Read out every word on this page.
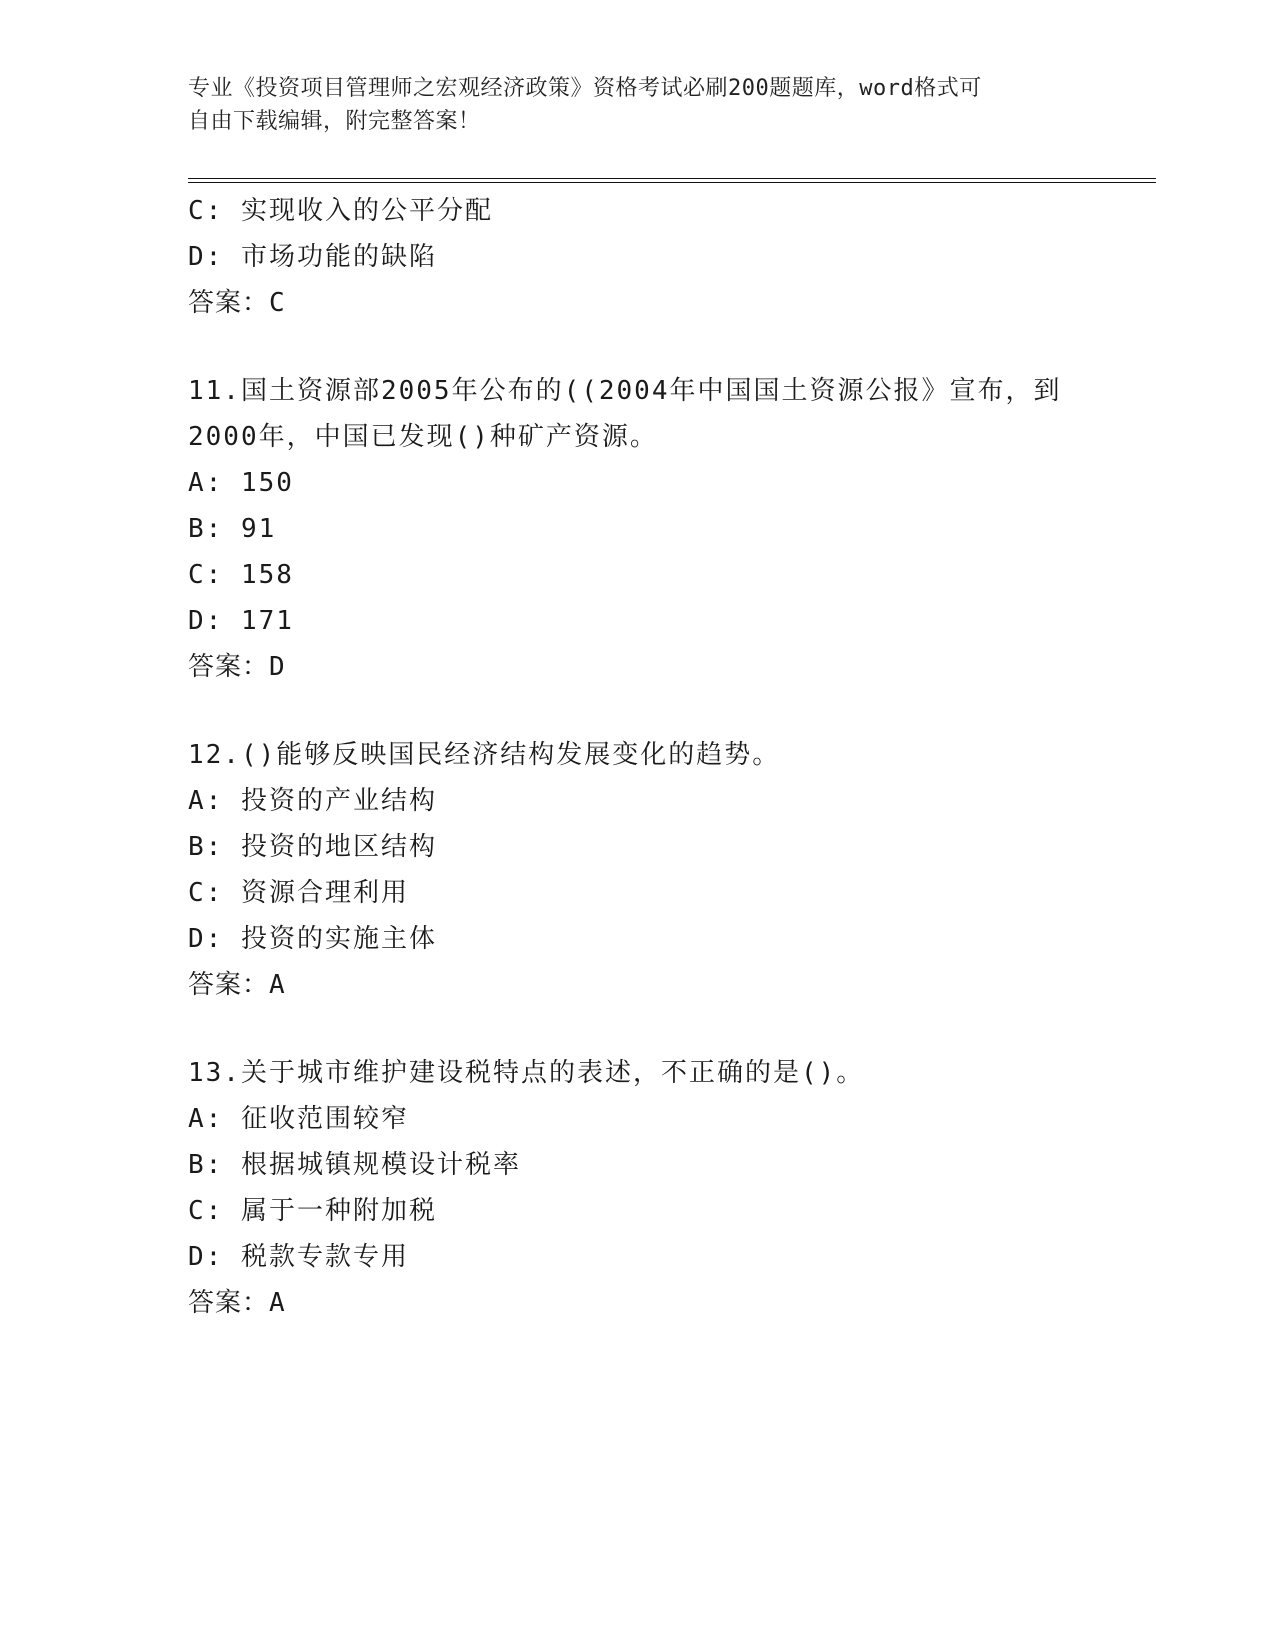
专业《投资项目管理师之宏观经济政策》资格考试必刷200题题库，word格式可
自由下载编辑，附完整答案！
C: 实现收入的公平分配
D: 市场功能的缺陷
答案：C
11.国土资源部2005年公布的((2004年中国国土资源公报》宣布，到
2000年，中国已发现()种矿产资源。
A: 150
B: 91
C: 158
D: 171
答案：D
12.()能够反映国民经济结构发展变化的趋势。
A: 投资的产业结构
B: 投资的地区结构
C: 资源合理利用
D: 投资的实施主体
答案：A
13.关于城市维护建设税特点的表述，不正确的是()。
A: 征收范围较窄
B: 根据城镇规模设计税率
C: 属于一种附加税
D: 税款专款专用
答案：A
